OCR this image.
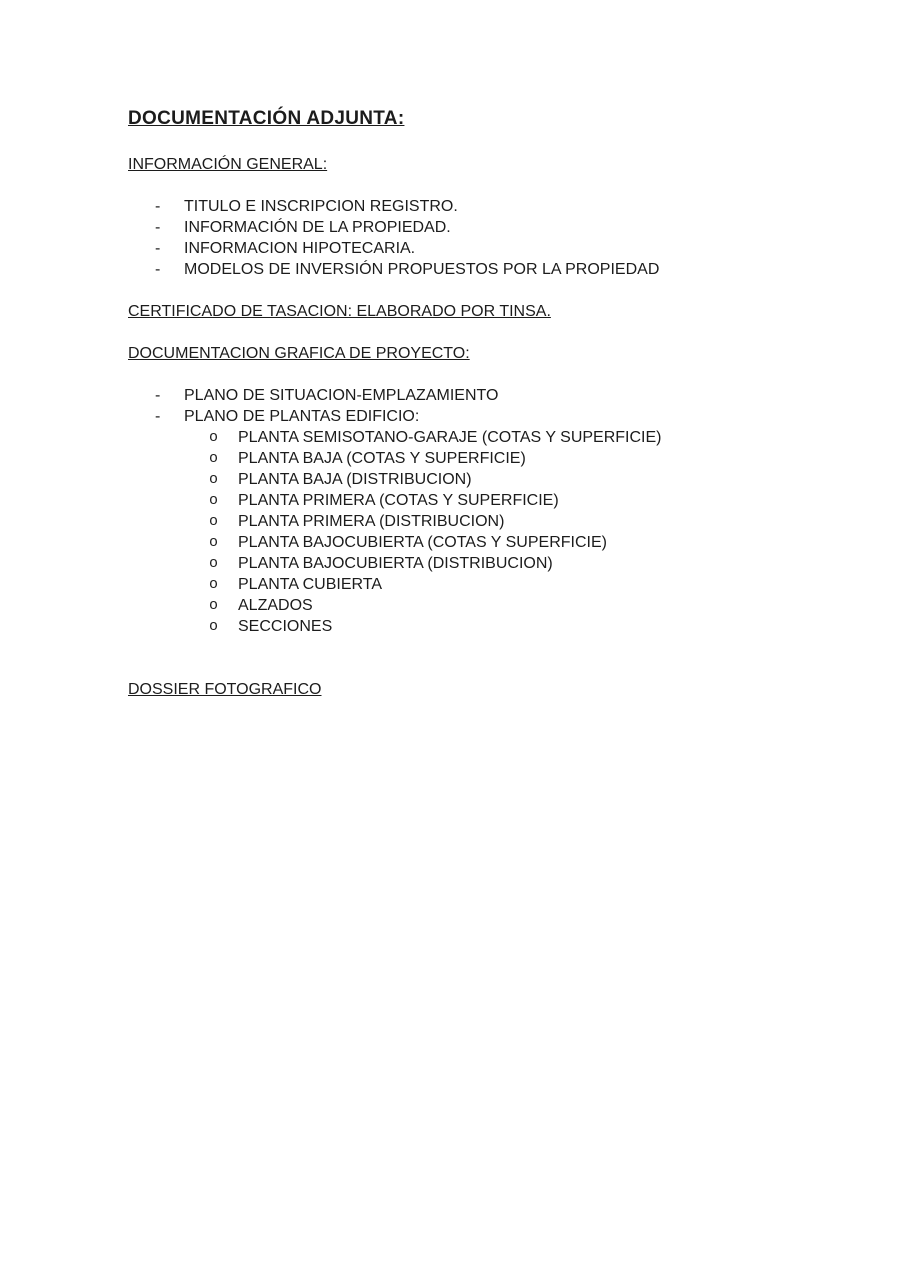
DOCUMENTACIÓN ADJUNTA:
INFORMACIÓN GENERAL:
- TITULO E INSCRIPCION REGISTRO.
- INFORMACIÓN DE LA PROPIEDAD.
- INFORMACION HIPOTECARIA.
- MODELOS DE INVERSIÓN PROPUESTOS POR LA PROPIEDAD
CERTIFICADO DE TASACION: ELABORADO POR TINSA.
DOCUMENTACION GRAFICA DE PROYECTO:
- PLANO DE SITUACION-EMPLAZAMIENTO
- PLANO DE PLANTAS EDIFICIO:
o PLANTA SEMISOTANO-GARAJE (COTAS Y SUPERFICIE)
o PLANTA BAJA (COTAS Y SUPERFICIE)
o PLANTA BAJA (DISTRIBUCION)
o PLANTA PRIMERA (COTAS Y SUPERFICIE)
o PLANTA PRIMERA (DISTRIBUCION)
o PLANTA BAJOCUBIERTA (COTAS Y SUPERFICIE)
o PLANTA BAJOCUBIERTA (DISTRIBUCION)
o PLANTA CUBIERTA
o ALZADOS
o SECCIONES
DOSSIER FOTOGRAFICO
